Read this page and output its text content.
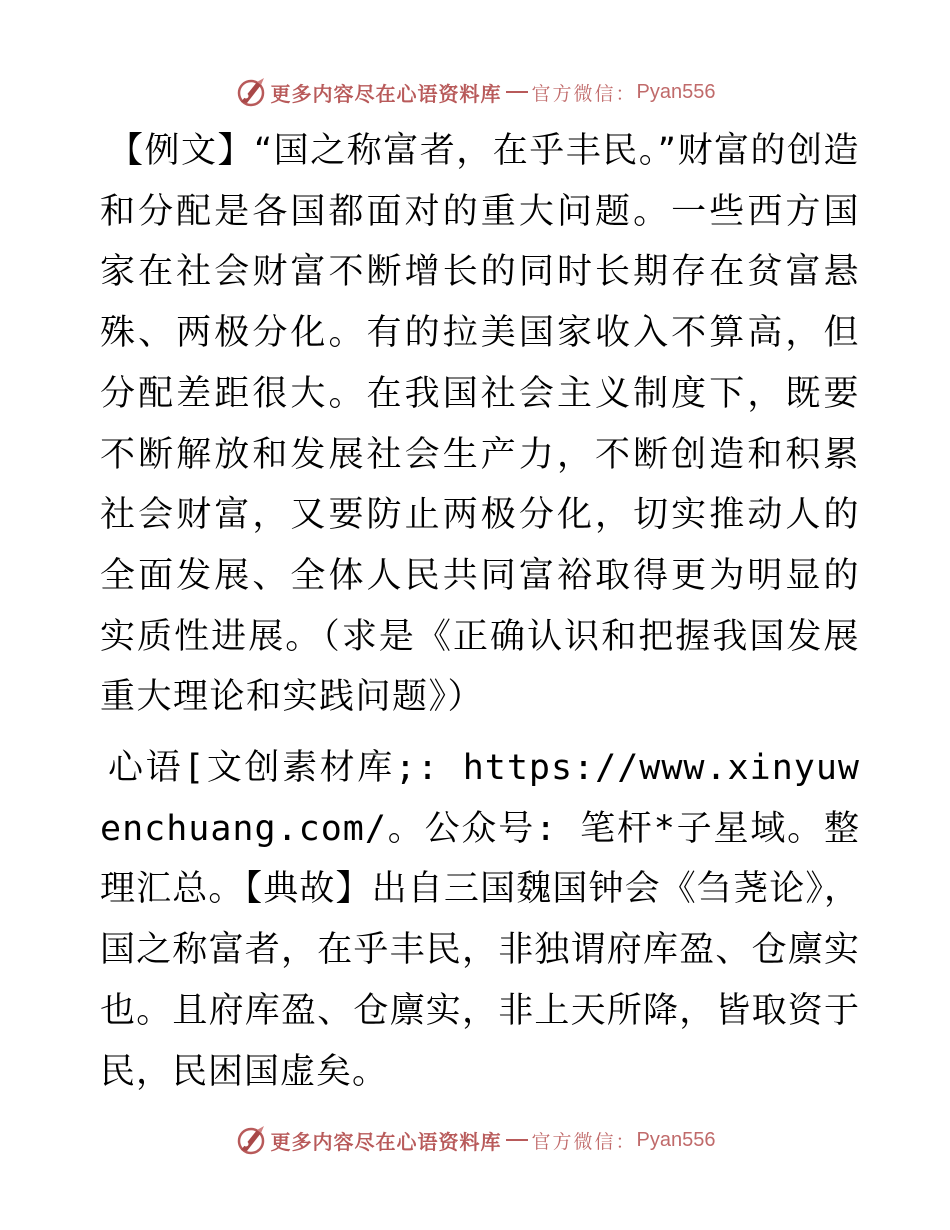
更多内容尽在心语资料库 官方微信： Pyan556

【例文】“国之称富者，在乎丰民。”财富的创造和分配是各国都面对的重大问题。一些西方国家在社会财富不断增长的同时长期存在贫富悬殊、两极分化。有的拉美国家收入不算高，但分配差距很大。在我国社会主义制度下，既要不断解放和发展社会生产力，不断创造和积累社会财富，又要防止两极分化，切实推动人的全面发展、全体人民共同富裕取得更为明显的实质性进展。（求是《正确认识和把握我国发展重大理论和实践问题》）

心语[文创素材库;: https://www.xinyuwenchuang.com/。公众号: 笔杆*子星域。整理汇总。【典故】出自三国魏国钟会《刍荛论》，国之称富者，在乎丰民，非独谓府库盈、仓廪实也。且府库盈、仓廪实，非上天所降，皆取资于民，民困国虚矣。

更多内容尽在心语资料库 官方微信： Pyan556
